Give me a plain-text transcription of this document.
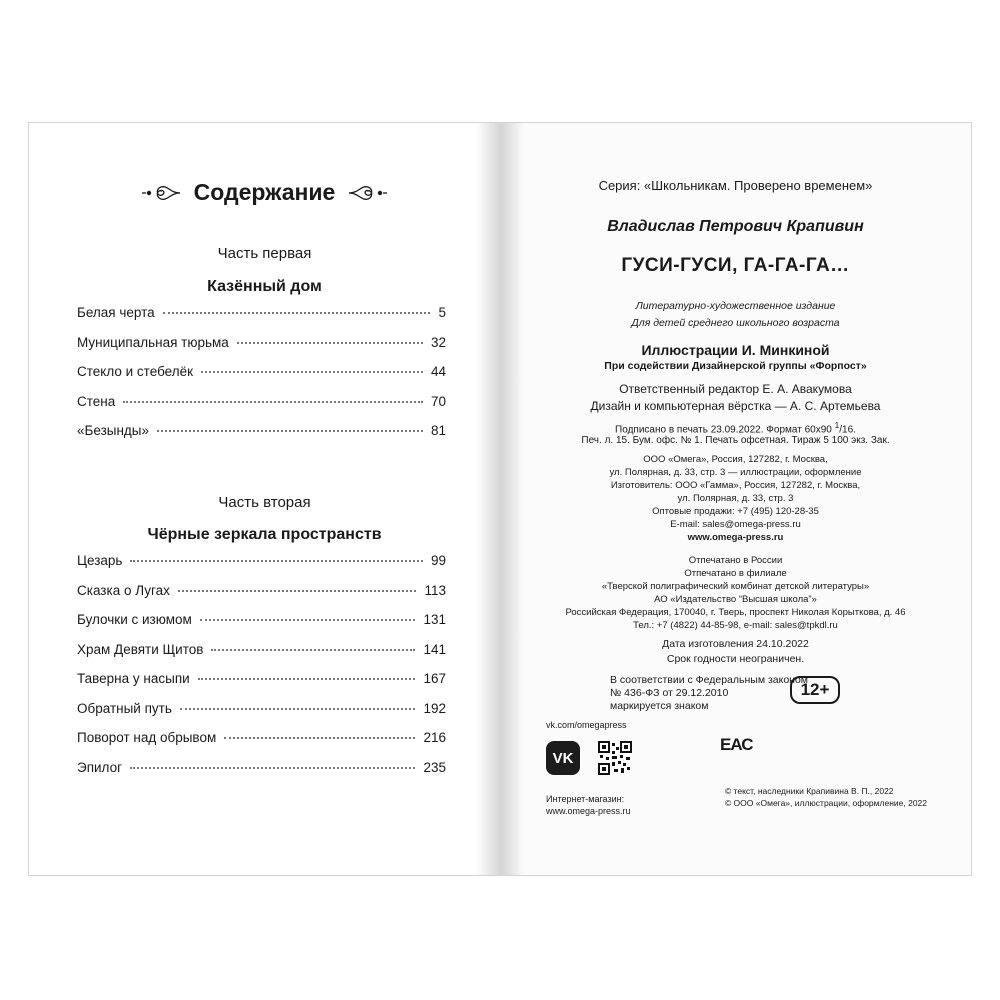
Содержание
Часть первая
Казённый дом
Белая черта	5
Муниципальная тюрьма	32
Стекло и стебелёк	44
Стена	70
«Безынды»	81
Часть вторая
Чёрные зеркала пространств
Цезарь	99
Сказка о Лугах	113
Булочки с изюмом	131
Храм Девяти Щитов	141
Таверна у насыпи	167
Обратный путь	192
Поворот над обрывом	216
Эпилог	235
Серия: «Школьникам. Проверено временем»
Владислав Петрович Крапивин
ГУСИ-ГУСИ, ГА-ГА-ГА…
Литературно-художественное издание
Для детей среднего школьного возраста
Иллюстрации И. Минкиной
При содействии Дизайнерской группы «Форпост»
Ответственный редактор Е. А. Авакумова
Дизайн и компьютерная вёрстка — А. С. Артемьева
Подписано в печать 23.09.2022. Формат 60х90 $^1$/16.
Печ. л. 15. Бум. офс. № 1. Печать офсетная. Тираж 5 100 экз. Зак.
ООО «Омега», Россия, 127282, г. Москва,
ул. Полярная, д. 33, стр. 3 — иллюстрации, оформление
Изготовитель: ООО «Гамма», Россия, 127282, г. Москва,
ул. Полярная, д. 33, стр. 3
Оптовые продажи: +7 (495) 120-28-35
E-mail: sales@omega-press.ru
www.omega-press.ru
Отпечатано в России
Отпечатано в филиале
«Тверской полиграфический комбинат детской литературы»
АО «Издательство “Высшая школа”»
Российская Федерация, 170040, г. Тверь, проспект Николая Корыткова, д. 46
Тел.: +7 (4822) 44-85-98, e-mail: sales@tpkdl.ru
Дата изготовления 24.10.2022
Срок годности неограничен.
В соответствии с Федеральным законом
№ 436-ФЗ от 29.12.2010
маркируется знаком
12+
vk.com/omegapress
VK
ЕАС
Интернет-магазин:
www.omega-press.ru
© текст, наследники Крапивина В. П., 2022
© ООО «Омега», иллюстрации, оформление, 2022
